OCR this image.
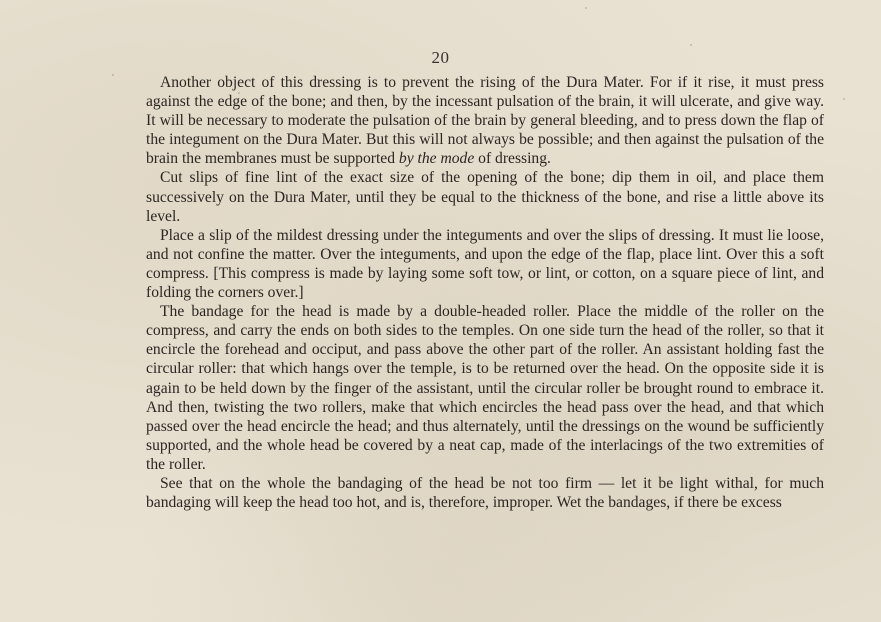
20

Another object of this dressing is to prevent the rising of the Dura Mater. For if it rise, it must press against the edge of the bone; and then, by the incessant pulsation of the brain, it will ulcerate, and give way. It will be necessary to moderate the pulsation of the brain by general bleeding, and to press down the flap of the integument on the Dura Mater. But this will not always be possible; and then against the pulsation of the brain the membranes must be supported by the mode of dressing.

Cut slips of fine lint of the exact size of the opening of the bone; dip them in oil, and place them successively on the Dura Mater, until they be equal to the thickness of the bone, and rise a little above its level.

Place a slip of the mildest dressing under the integuments and over the slips of dressing. It must lie loose, and not confine the matter. Over the integuments, and upon the edge of the flap, place lint. Over this a soft compress. [This compress is made by laying some soft tow, or lint, or cotton, on a square piece of lint, and folding the corners over.]

The bandage for the head is made by a double-headed roller. Place the middle of the roller on the compress, and carry the ends on both sides to the temples. On one side turn the head of the roller, so that it encircle the forehead and occiput, and pass above the other part of the roller. An assistant holding fast the circular roller: that which hangs over the temple, is to be returned over the head. On the opposite side it is again to be held down by the finger of the assistant, until the circular roller be brought round to embrace it. And then, twisting the two rollers, make that which encircles the head pass over the head, and that which passed over the head encircle the head; and thus alternately, until the dressings on the wound be sufficiently supported, and the whole head be covered by a neat cap, made of the interlacings of the two extremities of the roller.

See that on the whole the bandaging of the head be not too firm — let it be light withal, for much bandaging will keep the head too hot, and is, therefore, improper. Wet the bandages, if there be excess
